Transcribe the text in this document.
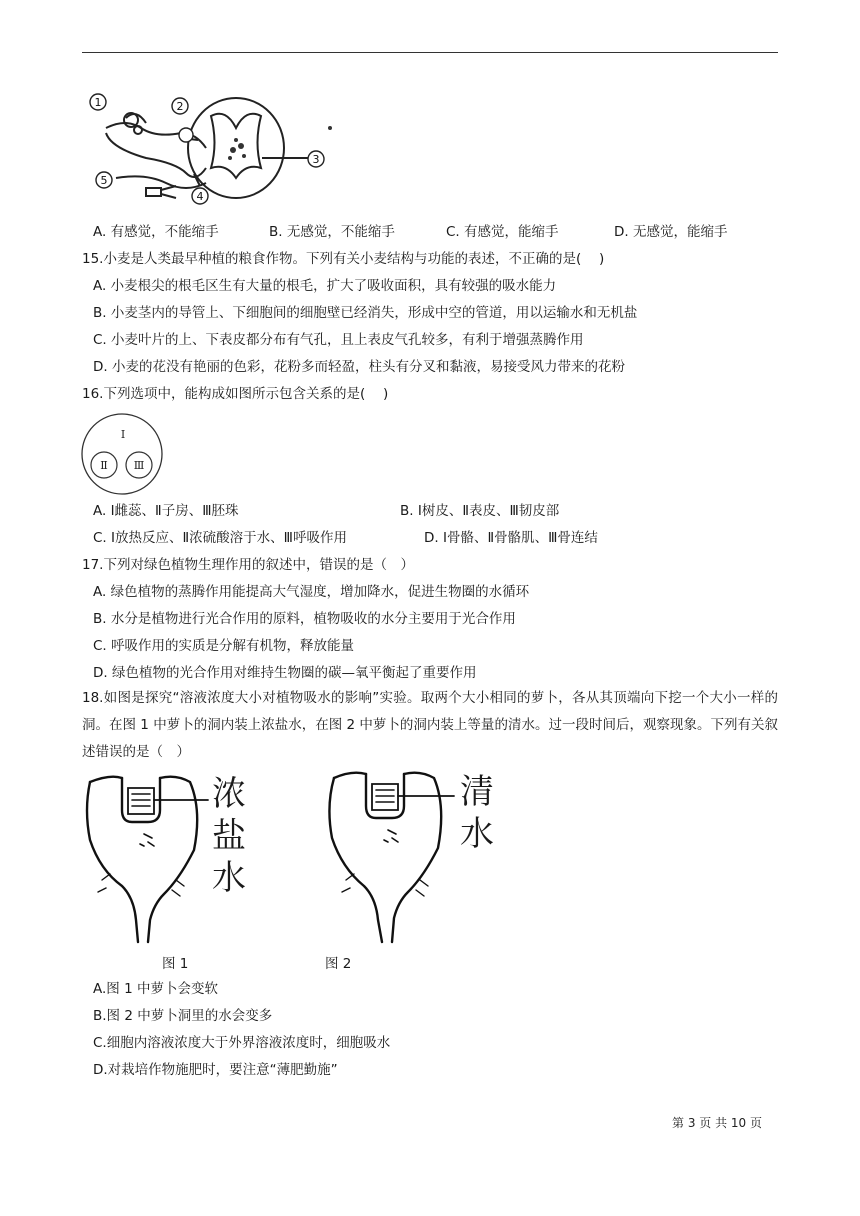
1	2
3
4
5
A. 有感觉，不能缩手	B. 无感觉，不能缩手	C. 有感觉，能缩手	D. 无感觉，能缩手
15.小麦是人类最早种植的粮食作物。下列有关小麦结构与功能的表述，不正确的是(　 )
A. 小麦根尖的根毛区生有大量的根毛，扩大了吸收面积，具有较强的吸水能力
B. 小麦茎内的导管上、下细胞间的细胞壁已经消失，形成中空的管道，用以运输水和无机盐
C. 小麦叶片的上、下表皮都分布有气孔，且上表皮气孔较多，有利于增强蒸腾作用
D. 小麦的花没有艳丽的色彩，花粉多而轻盈，柱头有分叉和黏液，易接受风力带来的花粉
16.下列选项中，能构成如图所示包含关系的是(　 )
Ⅰ
Ⅱ Ⅲ
A. Ⅰ雌蕊、Ⅱ子房、Ⅲ胚珠	B. Ⅰ树皮、Ⅱ表皮、Ⅲ韧皮部
C. Ⅰ放热反应、Ⅱ浓硫酸溶于水、Ⅲ呼吸作用	D. Ⅰ骨骼、Ⅱ骨骼肌、Ⅲ骨连结
17.下列对绿色植物生理作用的叙述中，错误的是（　）
A. 绿色植物的蒸腾作用能提高大气湿度，增加降水，促进生物圈的水循环
B. 水分是植物进行光合作用的原料，植物吸收的水分主要用于光合作用
C. 呼吸作用的实质是分解有机物，释放能量
D. 绿色植物的光合作用对维持生物圈的碳—氧平衡起了重要作用
18.如图是探究“溶液浓度大小对植物吸水的影响”实验。取两个大小相同的萝卜，各从其顶端向下挖一个大小一样的洞。在图 1 中萝卜的洞内装上浓盐水，在图 2 中萝卜的洞内装上等量的清水。过一段时间后，观察现象。下列有关叙述错误的是（　）
浓
盐
水
清
水
图 1	图 2
A.图 1 中萝卜会变软
B.图 2 中萝卜洞里的水会变多
C.细胞内溶液浓度大于外界溶液浓度时，细胞吸水
D.对栽培作物施肥时，要注意“薄肥勤施”
第 3 页 共 10 页
